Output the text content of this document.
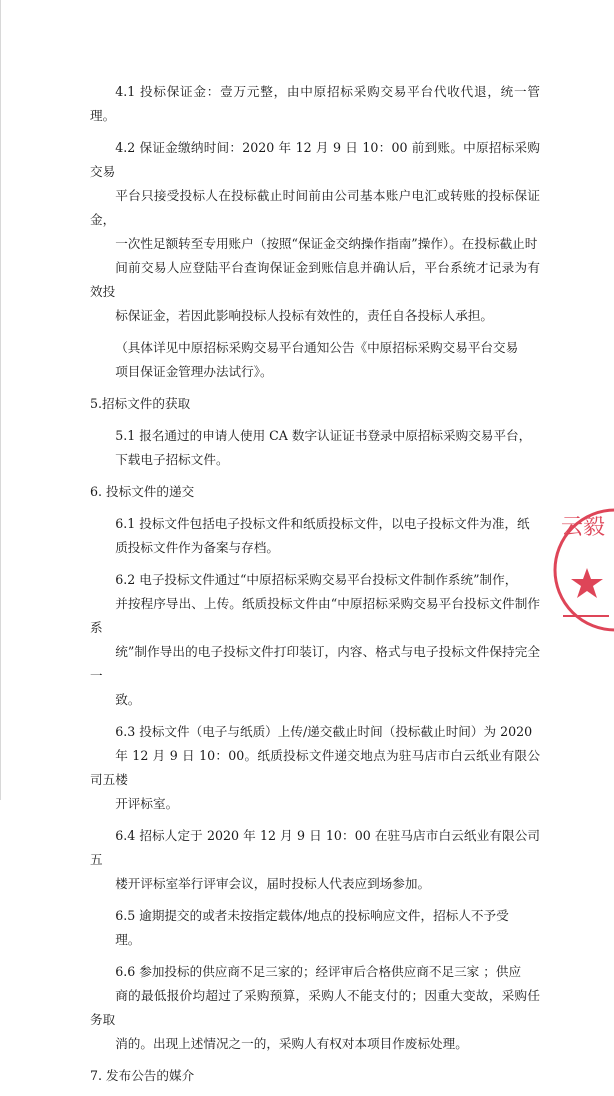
4.1 投标保证金：壹万元整，由中原招标采购交易平台代收代退，统一管理。
4.2 保证金缴纳时间：2020 年 12 月 9 日 10：00 前到账。中原招标采购交易
平台只接受投标人在投标截止时间前由公司基本账户电汇或转账的投标保证金，
一次性足额转至专用账户（按照“保证金交纳操作指南”操作）。在投标截止时
间前交易人应登陆平台查询保证金到账信息并确认后，平台系统才记录为有效投
标保证金，若因此影响投标人投标有效性的，责任自各投标人承担。
（具体详见中原招标采购交易平台通知公告《中原招标采购交易平台交易
项目保证金管理办法试行》。
5.招标文件的获取
5.1 报名通过的申请人使用 CA 数字认证证书登录中原招标采购交易平台，
下载电子招标文件。
6. 投标文件的递交
6.1 投标文件包括电子投标文件和纸质投标文件，以电子投标文件为准，纸
质投标文件作为备案与存档。
6.2 电子投标文件通过“中原招标采购交易平台投标文件制作系统”制作，
并按程序导出、上传。纸质投标文件由“中原招标采购交易平台投标文件制作系
统”制作导出的电子投标文件打印装订，内容、格式与电子投标文件保持完全一
致。
6.3 投标文件（电子与纸质）上传/递交截止时间（投标截止时间）为 2020
年 12 月 9 日 10：00。纸质投标文件递交地点为驻马店市白云纸业有限公司五楼
开评标室。
6.4 招标人定于 2020 年 12 月 9 日 10：00 在驻马店市白云纸业有限公司五
楼开评标室举行评审会议，届时投标人代表应到场参加。
6.5 逾期提交的或者未按指定载体/地点的投标响应文件，招标人不予受
理。
6.6 参加投标的供应商不足三家的；经评审后合格供应商不足三家 ；供应
商的最低报价均超过了采购预算，采购人不能支付的；因重大变故，采购任务取
消的。出现上述情况之一的，采购人有权对本项目作废标处理。
7. 发布公告的媒介
云毅
